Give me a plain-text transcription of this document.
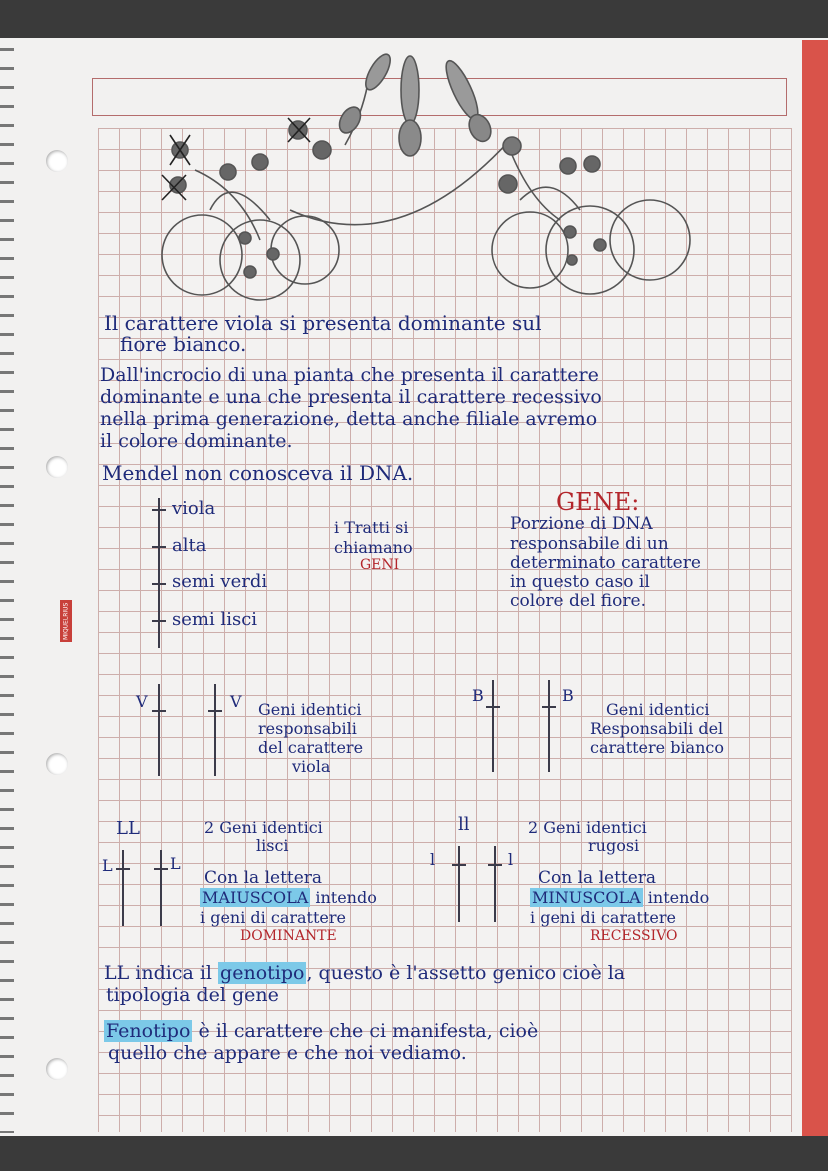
MIQUELRIUS
Il carattere viola si presenta dominante sul
fiore bianco.
Dall'incrocio di una pianta che presenta il carattere
dominante e una che presenta il carattere recessivo
nella prima generazione, detta anche filiale avremo
il colore dominante.
Mendel non conosceva il DNA.
viola
alta
semi verdi
semi lisci
i Tratti si
chiamano
GENI
GENE:
Porzione di DNA
responsabile di un
determinato carattere
in questo caso il
colore del fiore.
V	V Geni identici
responsabili
del carattere
viola
B	B
Geni identici
Responsabili del
carattere bianco
LL	2 Geni identici
lisci
L	L
Con la lettera
MAIUSCOLA intendo
i geni di carattere
DOMINANTE
ll	2 Geni identici
rugosi
l	l
Con la lettera
MINUSCOLA intendo
i geni di carattere
RECESSIVO
LL indica il genotipo , questo è l'assetto genico cioè la
tipologia del gene
Fenotipo è il carattere che ci manifesta, cioè
quello che appare e che noi vediamo.
